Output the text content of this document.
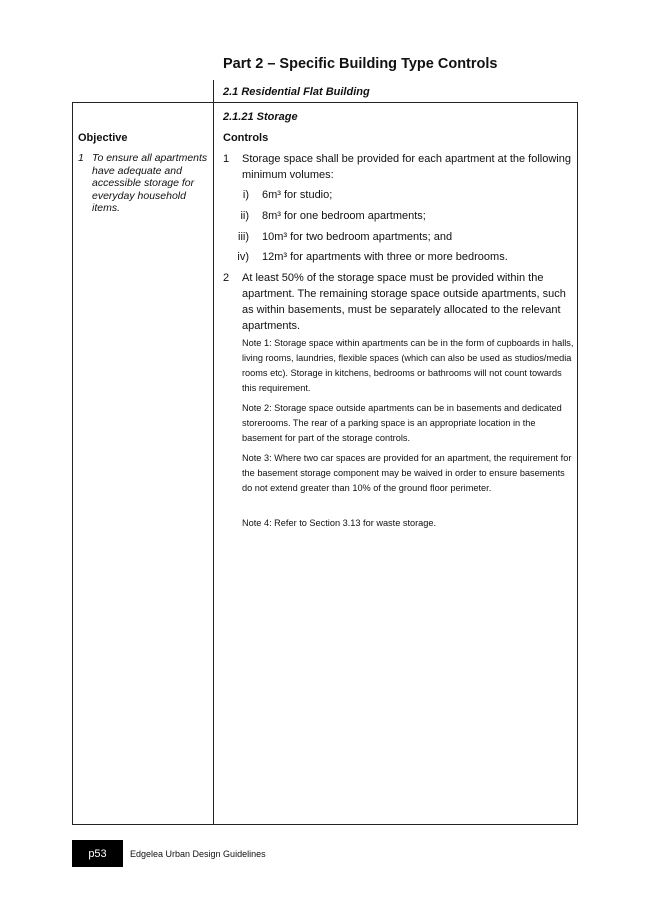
Part 2 – Specific Building Type Controls
2.1 Residential Flat Building
2.1.21 Storage
Objective	Controls
1 To ensure all apartments have adequate and accessible storage for everyday household items.
1 Storage space shall be provided for each apartment at the following minimum volumes:
i) 6m³ for studio;
ii) 8m³ for one bedroom apartments;
iii) 10m³ for two bedroom apartments; and
iv) 12m³ for apartments with three or more bedrooms.
2 At least 50% of the storage space must be provided within the apartment. The remaining storage space outside apartments, such as within basements, must be separately allocated to the relevant apartments.
Note 1: Storage space within apartments can be in the form of cupboards in halls, living rooms, laundries, flexible spaces (which can also be used as studios/media rooms etc). Storage in kitchens, bedrooms or bathrooms will not count towards this requirement.
Note 2: Storage space outside apartments can be in basements and dedicated storerooms. The rear of a parking space is an appropriate location in the basement for part of the storage controls.
Note 3: Where two car spaces are provided for an apartment, the requirement for the basement storage component may be waived in order to ensure basements do not extend greater than 10% of the ground floor perimeter.
Note 4: Refer to Section 3.13 for waste storage.
p53	Edgelea Urban Design Guidelines
